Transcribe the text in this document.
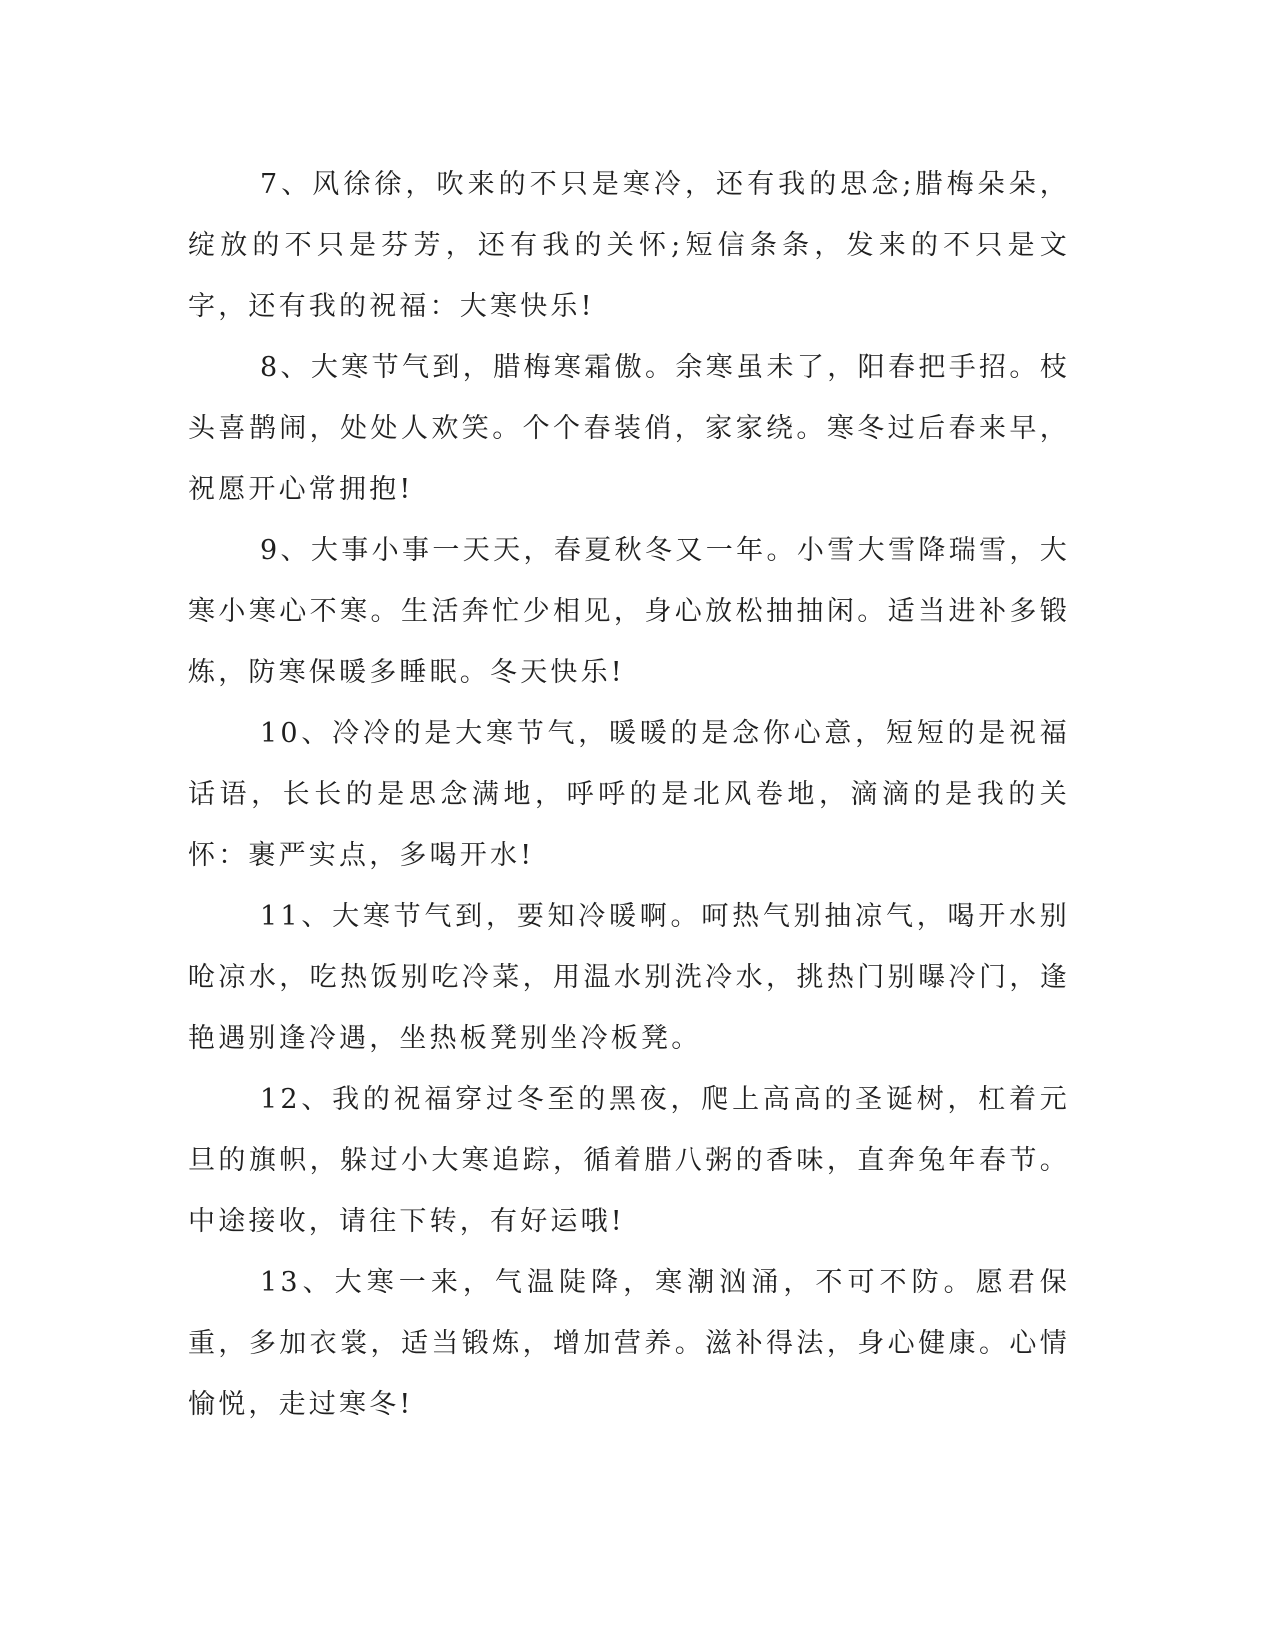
7、风徐徐，吹来的不只是寒冷，还有我的思念;腊梅朵朵，绽放的不只是芬芳，还有我的关怀;短信条条，发来的不只是文字，还有我的祝福：大寒快乐!

8、大寒节气到，腊梅寒霜傲。余寒虽未了，阳春把手招。枝头喜鹊闹，处处人欢笑。个个春装俏，家家绕。寒冬过后春来早，祝愿开心常拥抱!

9、大事小事一天天，春夏秋冬又一年。小雪大雪降瑞雪，大寒小寒心不寒。生活奔忙少相见，身心放松抽抽闲。适当进补多锻炼，防寒保暖多睡眠。冬天快乐!

10、冷冷的是大寒节气，暖暖的是念你心意，短短的是祝福话语，长长的是思念满地，呼呼的是北风卷地，滴滴的是我的关怀：裹严实点，多喝开水!

11、大寒节气到，要知冷暖啊。呵热气别抽凉气，喝开水别呛凉水，吃热饭别吃冷菜，用温水别洗冷水，挑热门别曝冷门，逢艳遇别逢冷遇，坐热板凳别坐冷板凳。

12、我的祝福穿过冬至的黑夜，爬上高高的圣诞树，杠着元旦的旗帜，躲过小大寒追踪，循着腊八粥的香味，直奔兔年春节。中途接收，请往下转，有好运哦!

13、大寒一来，气温陡降，寒潮汹涌，不可不防。愿君保重，多加衣裳，适当锻炼，增加营养。滋补得法，身心健康。心情愉悦，走过寒冬!
